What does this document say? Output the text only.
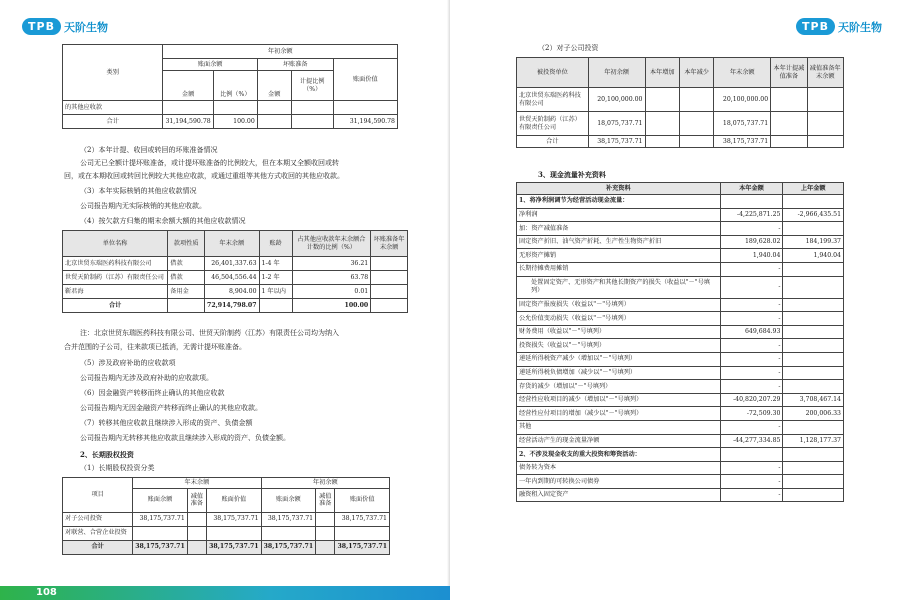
TPB 天阶生物
类别	年初余额				
	账面余额		坏账准备		账面价值
	金额	比例（%）	金额	计提比例（%）	
的其他应收款					
合计	31,194,590.78	100.00			31,194,590.78
（2）本年计提、收回或转回的坏账准备情况
公司无已全额计提坏账准备，或计提坏账准备的比例较大，但在本期又全额收回或转
回，或在本期收回或转回比例较大其他应收款，或通过重组等其他方式收回的其他应收款。
（3）本年实际核销的其他应收款情况
公司报告期内无实际核销的其他应收款。
（4）按欠款方归集的期末余额大额的其他应收款情况
单位名称	款项性质	年末余额	账龄	占其他应收款年末余额合计数的比例（%）	坏账准备年末余额
北京世贸东瑞医药科技有限公司	借款	26,401,337.63	1-4 年	36.21	
世贸天阶制药（江苏）有限责任公司	借款	46,504,556.44	1-2 年	63.78	
靳君海	备用金	8,904.00	1 年以内	0.01	
合计		72,914,798.07		100.00	
注：北京世贸东瑞医药科技有限公司、世贸天阶制药（江苏）有限责任公司均为纳入
合并范围的子公司，往来款项已抵消，无需计提坏账准备。
（5）涉及政府补助的应收款项
公司报告期内无涉及政府补助的应收款项。
（6）因金融资产转移而终止确认的其他应收款
公司报告期内无因金融资产转移而终止确认的其他应收款。
（7）转移其他应收款且继续涉入形成的资产、负债金额
公司报告期内无转移其他应收款且继续涉入形成的资产、负债金额。
2、长期股权投资
（1）长期股权投资分类
项目	年末余额			年初余额		
	账面余额	减值准备	账面价值	账面余额	减值准备	账面价值
对子公司投资	38,175,737.71		38,175,737.71	38,175,737.71		38,175,737.71
对联营、合营企业投资						
合计	38,175,737.71		38,175,737.71	38,175,737.71		38,175,737.71
TPB 天阶生物
（2）对子公司投资
被投资单位	年初余额	本年增加	本年减少	年末余额	本年计提减值准备	减值准备年末余额
北京世贸东瑞医药科技有限公司	20,100,000.00			20,100,000.00		
世贸天阶制药（江苏）有限责任公司	18,075,737.71			18,075,737.71		
合计	38,175,737.71			38,175,737.71		
3、现金流量补充资料
补充资料	本年金额	上年金额
1、将净利润调节为经营活动现金流量：		
净利润	-4,225,871.25	-2,966,435.51
加：资产减值准备	-	
固定资产折旧、油气资产折耗、生产性生物资产折旧	189,628.02	184,199.37
无形资产摊销	1,940.04	1,940.04
长期待摊费用摊销	-	
处置固定资产、无形资产和其他长期资产的损失（收益以"－"号填列）	-	
固定资产报废损失（收益以"－"号填列）	-	
公允价值变动损失（收益以"－"号填列）	-	
财务费用（收益以"－"号填列）	649,684.93	
投资损失（收益以"－"号填列）	-	
递延所得税资产减少（增加以"－"号填列）	-	
递延所得税负债增加（减少以"－"号填列）	-	
存货的减少（增加以"－"号填列）	-	
经营性应收项目的减少（增加以"－"号填列）	-40,820,207.29	3,708,467.14
经营性应付项目的增加（减少以"－"号填列）	-72,509.30	200,006.33
其他	-	
经营活动产生的现金流量净额	-44,277,334.85	1,128,177.37
2、不涉及现金收支的重大投资和筹资活动：		
债务转为资本	-	
一年内到期的可转换公司债券	-	
融资租入固定资产	-	
109
108
